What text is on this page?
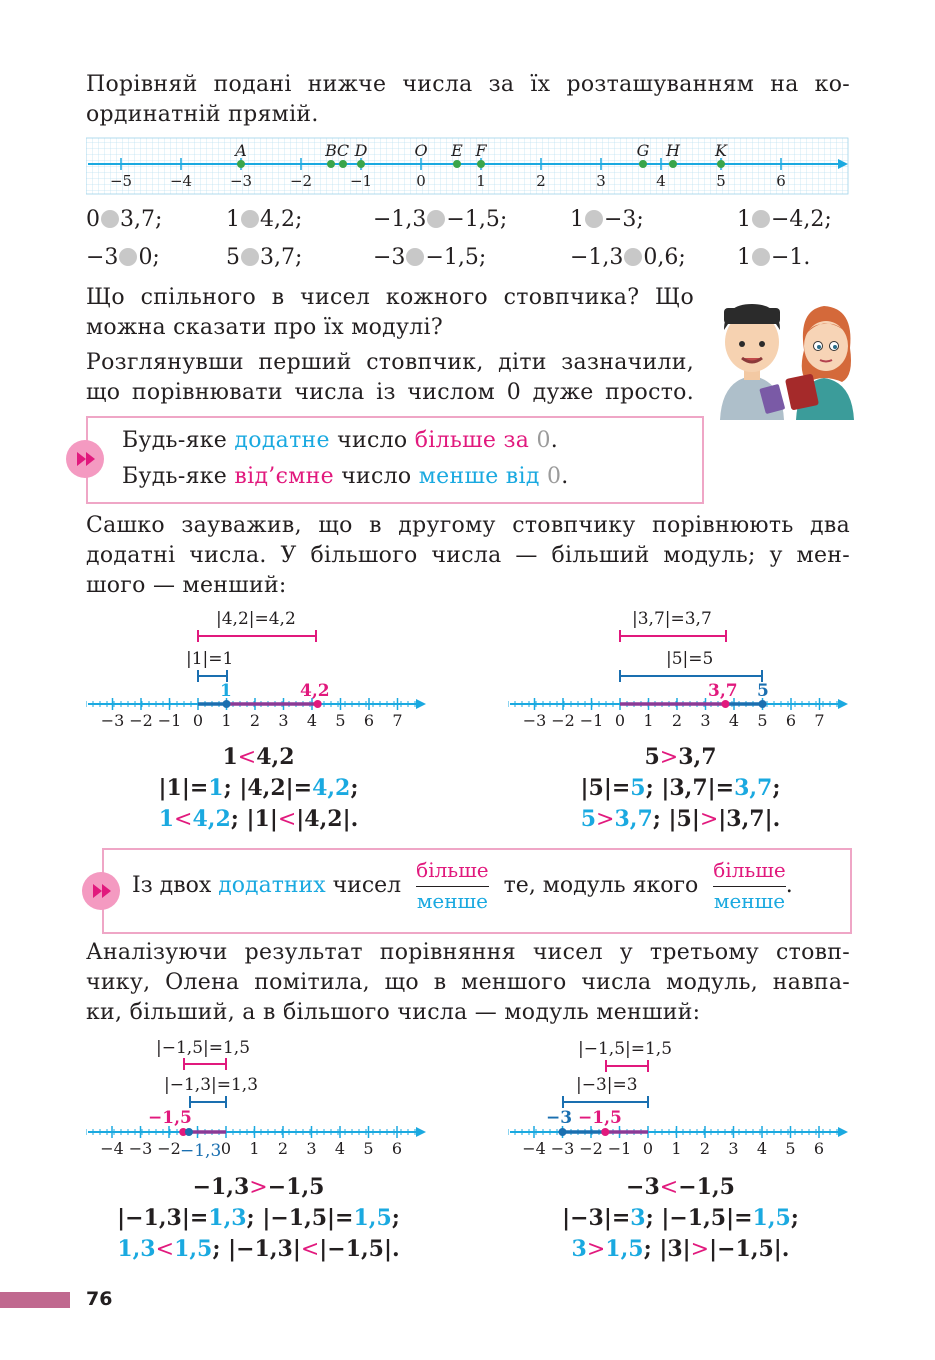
Порівняй подані нижче числа за їх розташуванням на ко-
ординатній прямій.
−5	−4	−3	−2	−1	0	1	2	3	4	5	6
A	B C D	O E F	G H K
0 3,7;	1 4,2;	−1,3 −1,5;	1 −3;	1 −4,2;
−3 0;	5 3,7;	−3 −1,5;	−1,3 0,6; 1 −1.
Що спільного в чисел кожного стовпчика? Що
можна сказати про їх модулі?
Розглянувши перший стовпчик, діти зазначили,
що порівнювати числа із числом 0 дуже просто.
Будь-яке додатне число більше за 0.
Будь-яке від’ємне число менше від 0.
Сашко зауважив, що в другому стовпчику порівнюють два
додатні числа. У більшого числа — більший модуль; у мен-
шого — менший:
|4,2|=4,2
|1|=1
−3 −2 −1 0 1 2 3 4 5 6 7
1	4,2
1<4,2
|1|=1; |4,2|=4,2;
1<4,2; |1|<|4,2|.
|3,7|=3,7
|5|=5
−3 −2 −1 0 1 2 3 4 5 6 7
3,7 5
5>3,7
|5|=5; |3,7|=3,7;
5>3,7; |5|>|3,7|.
Із двох додатних чисел $\frac{\text{більше}}{\text{менше}}$ те, модуль якого $\frac{\text{більше}}{\text{менше}}$ .
Аналізуючи результат порівняння чисел у третьому стовп-
чику, Олена помітила, що в меншого числа модуль, навпа-
ки, більший, а в більшого числа — модуль менший:
|−1,5|=1,5
|−1,3|=1,3
−4 −3 −2	0 1 2 3 4 5 6
−1,5
−1,3
−1,3>−1,5
|−1,3|=1,3; |−1,5|=1,5;
1,3<1,5; |−1,3|<|−1,5|.
|−1,5|=1,5
|−3|=3
−4 −3 −2 −1 0 1 2 3 4 5 6
−3 −1,5
−3<−1,5
|−3|=3; |−1,5|=1,5;
3>1,5; |3|>|−1,5|.
76
